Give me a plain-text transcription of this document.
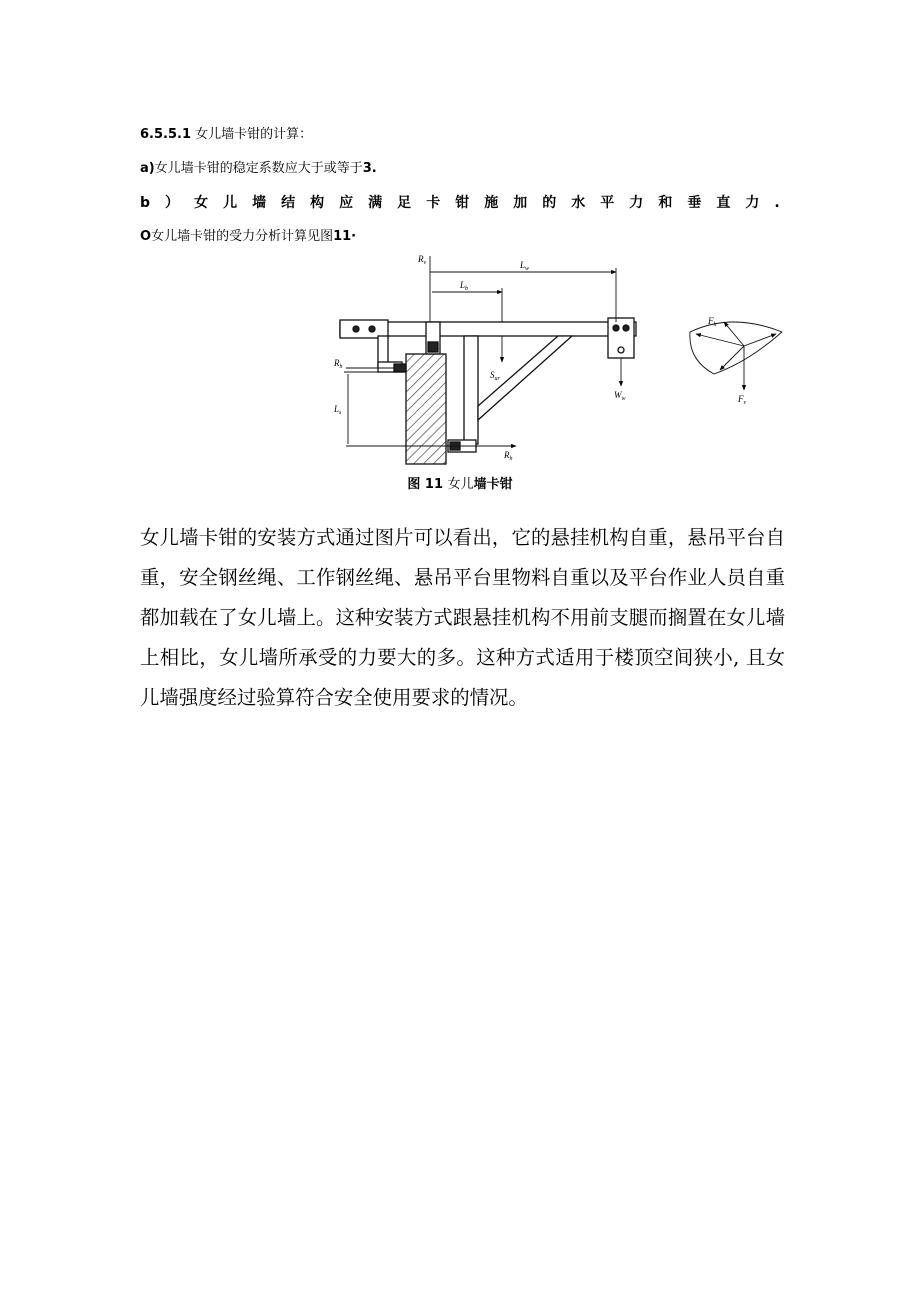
6.5.5.1 女儿墙卡钳的计算：
a)女儿墙卡钳的稳定系数应大于或等于3.
b ） 女 儿 墙 结 构 应 满 足 卡 钳 施 加 的 水 平 力 和 垂 直 力 .
O女儿墙卡钳的受力分析计算见图11·
$R_v$	$L_w$
$L_b$
$R_h$
$L_s$
$S_{ur}$
$W_w$
$R_h$
$F_h$
$F_v$
图 11 女儿墙卡钳
女儿墙卡钳的安装方式通过图片可以看出，它的悬挂机构自重，悬吊平台自重，安全钢丝绳、工作钢丝绳、悬吊平台里物料自重以及平台作业人员自重都加载在了女儿墙上。这种安装方式跟悬挂机构不用前支腿而搁置在女儿墙上相比，女儿墙所承受的力要大的多。这种方式适用于楼顶空间狭小, 且女儿墙强度经过验算符合安全使用要求的情况。
